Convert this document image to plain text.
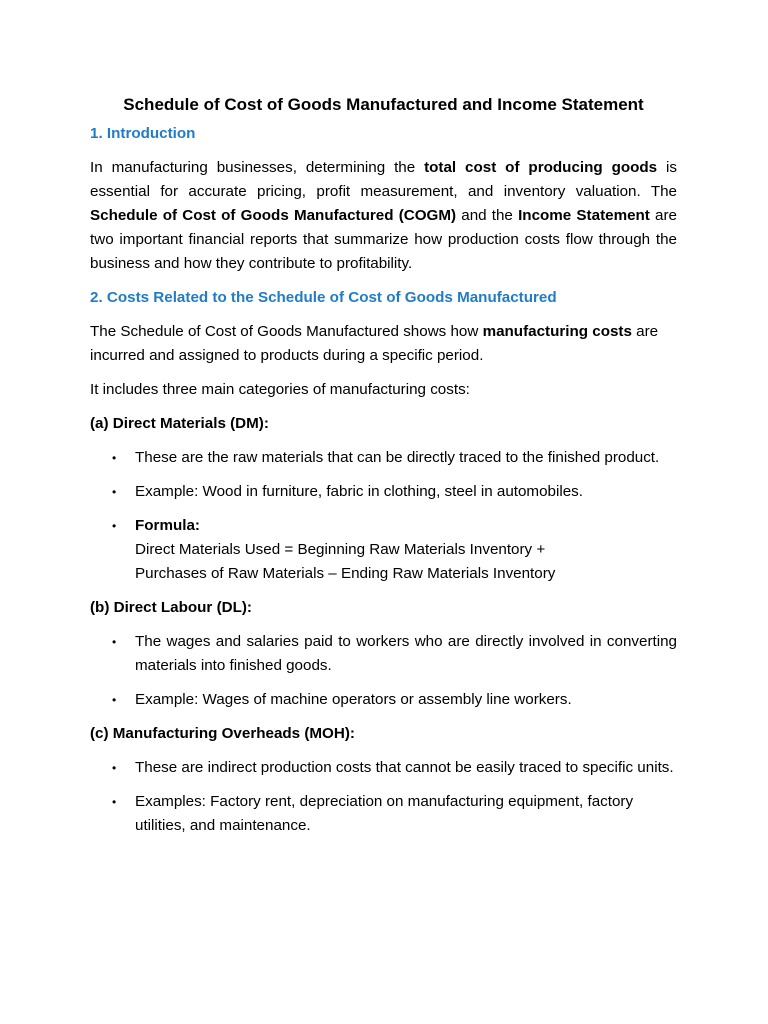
Schedule of Cost of Goods Manufactured and Income Statement
1. Introduction

In manufacturing businesses, determining the total cost of producing goods is essential for accurate pricing, profit measurement, and inventory valuation. The Schedule of Cost of Goods Manufactured (COGM) and the Income Statement are two important financial reports that summarize how production costs flow through the business and how they contribute to profitability.

2. Costs Related to the Schedule of Cost of Goods Manufactured

The Schedule of Cost of Goods Manufactured shows how manufacturing costs are incurred and assigned to products during a specific period.

It includes three main categories of manufacturing costs:

(a) Direct Materials (DM):
• These are the raw materials that can be directly traced to the finished product.
• Example: Wood in furniture, fabric in clothing, steel in automobiles.
• Formula:
Direct Materials Used = Beginning Raw Materials Inventory +
Purchases of Raw Materials – Ending Raw Materials Inventory
(b) Direct Labour (DL):
• The wages and salaries paid to workers who are directly involved in converting materials into finished goods.
• Example: Wages of machine operators or assembly line workers.
(c) Manufacturing Overheads (MOH):
• These are indirect production costs that cannot be easily traced to specific units.
• Examples: Factory rent, depreciation on manufacturing equipment, factory utilities, and maintenance.
